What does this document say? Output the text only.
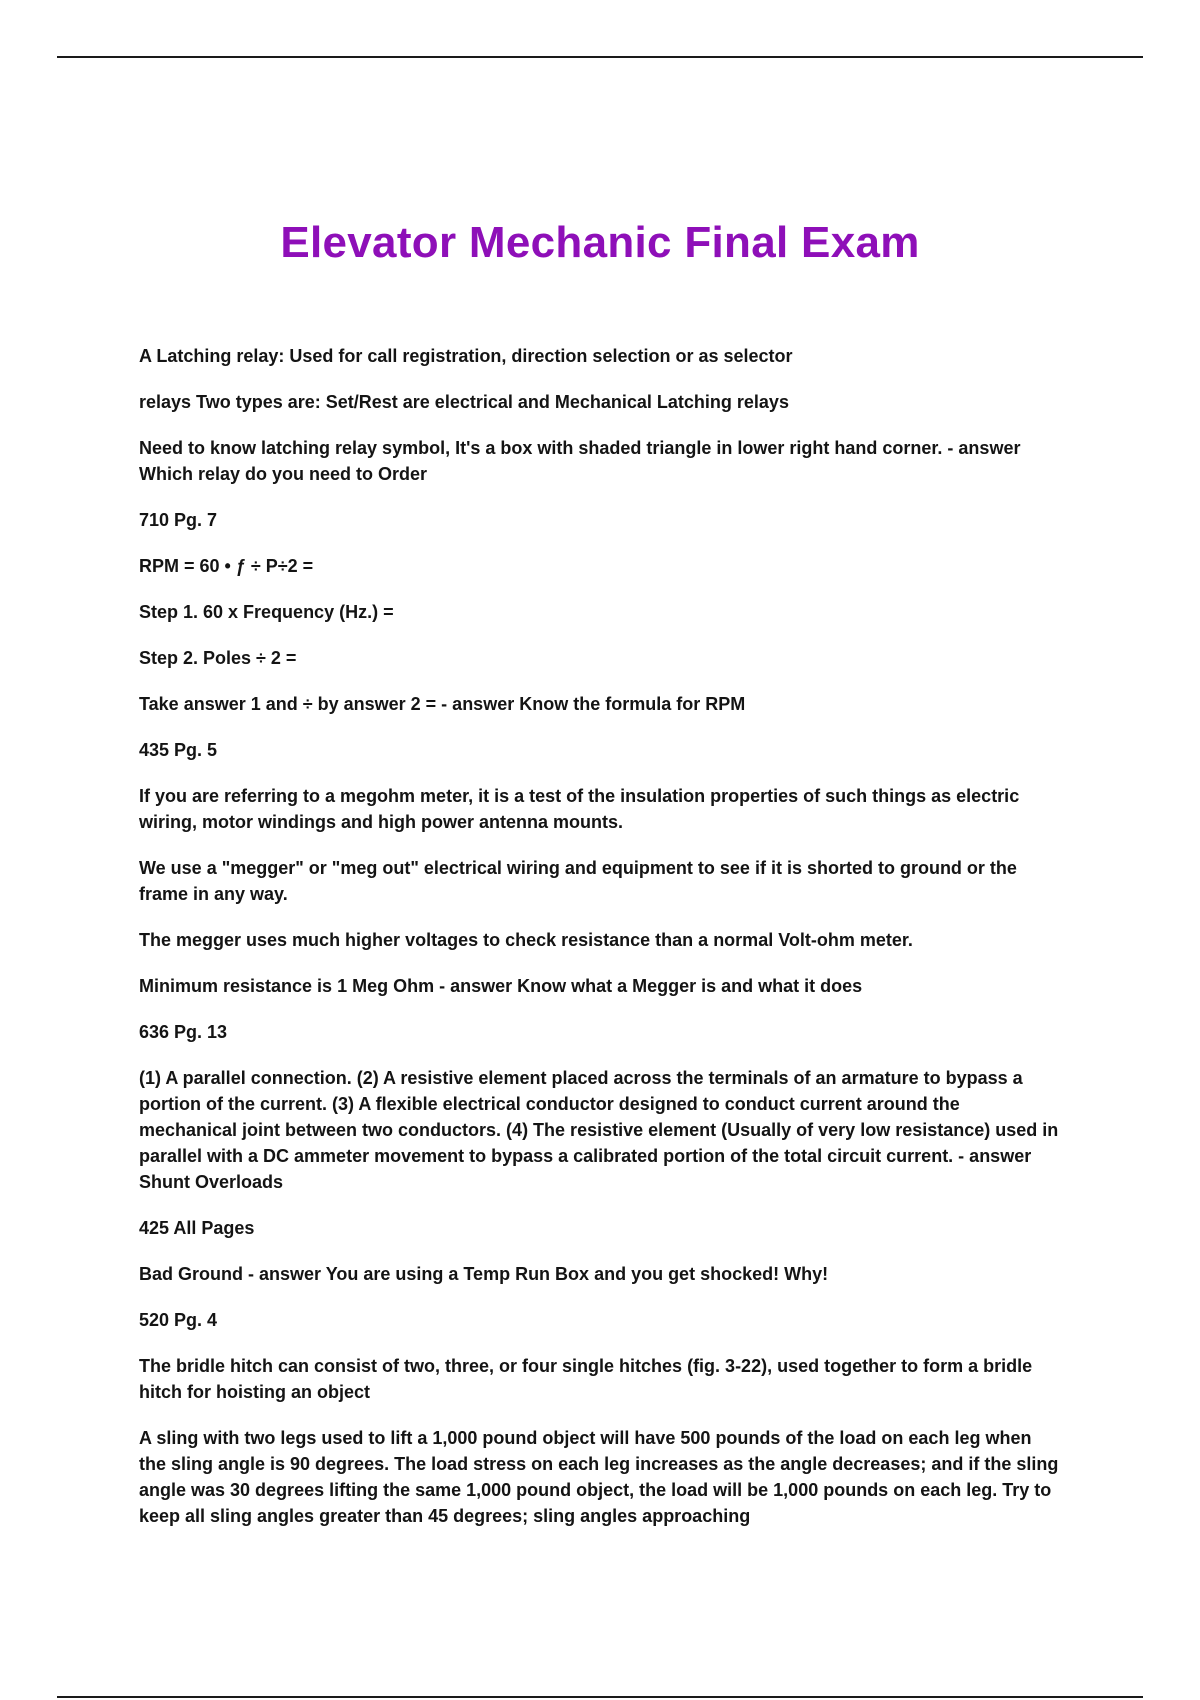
Elevator Mechanic Final Exam

A Latching relay: Used for call registration, direction selection or as selector

relays Two types are: Set/Rest are electrical and Mechanical Latching relays

Need to know latching relay symbol, It's a box with shaded triangle in lower right hand corner. - answer Which relay do you need to Order

710 Pg. 7

RPM = 60 • ƒ ÷ P÷2 =

Step 1. 60 x Frequency (Hz.) =

Step 2. Poles ÷ 2 =

Take answer 1 and ÷ by answer 2 = - answer Know the formula for RPM

435 Pg. 5

If you are referring to a megohm meter, it is a test of the insulation properties of such things as electric wiring, motor windings and high power antenna mounts.

We use a "megger" or "meg out" electrical wiring and equipment to see if it is shorted to ground or the frame in any way.

The megger uses much higher voltages to check resistance than a normal Volt-ohm meter.

Minimum resistance is 1 Meg Ohm - answer Know what a Megger is and what it does

636 Pg. 13

(1) A parallel connection. (2) A resistive element placed across the terminals of an armature to bypass a portion of the current. (3) A flexible electrical conductor designed to conduct current around the mechanical joint between two conductors. (4) The resistive element (Usually of very low resistance) used in parallel with a DC ammeter movement to bypass a calibrated portion of the total circuit current. - answer Shunt Overloads

425 All Pages

Bad Ground - answer You are using a Temp Run Box and you get shocked! Why!

520 Pg. 4

The bridle hitch can consist of two, three, or four single hitches (fig. 3-22), used together to form a bridle hitch for hoisting an object

A sling with two legs used to lift a 1,000 pound object will have 500 pounds of the load on each leg when the sling angle is 90 degrees. The load stress on each leg increases as the angle decreases; and if the sling angle was 30 degrees lifting the same 1,000 pound object, the load will be 1,000 pounds on each leg. Try to keep all sling angles greater than 45 degrees; sling angles approaching
